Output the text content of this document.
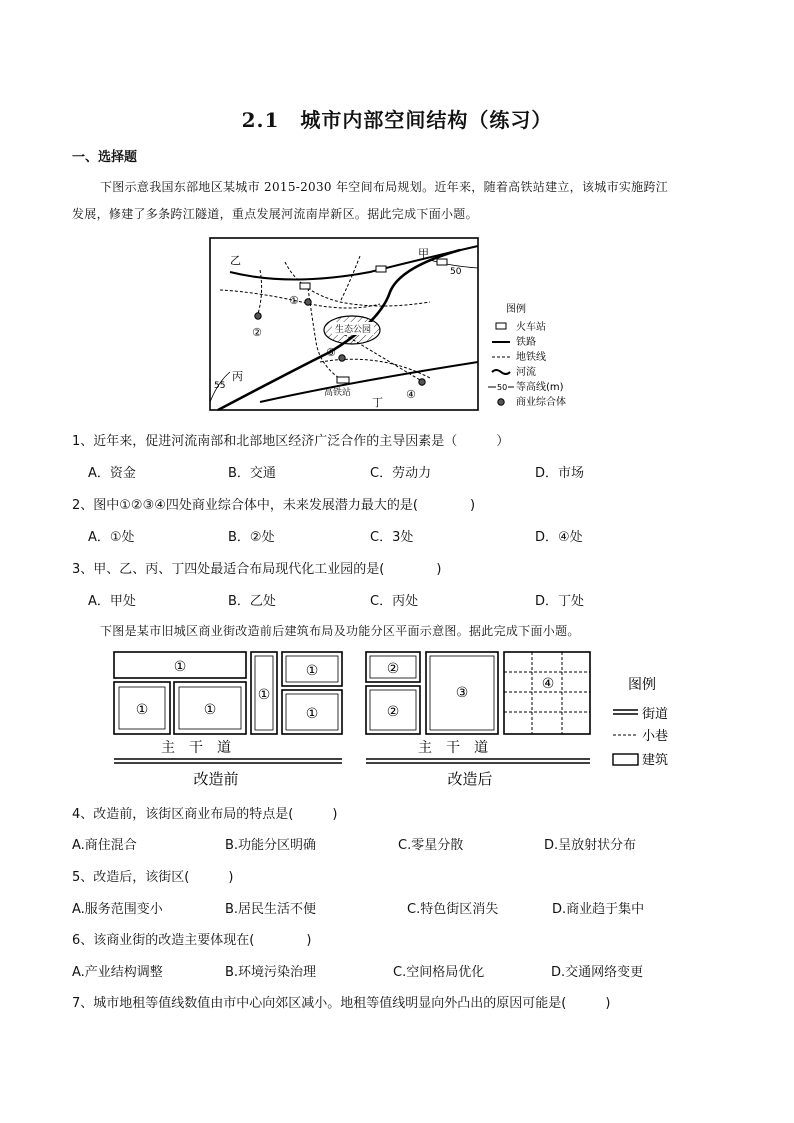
2.1　城市内部空间结构（练习）
一、选择题
下图示意我国东部地区某城市 2015-2030 年空间布局规划。近年来，随着高铁站建立，该城市实施跨江
发展，修建了多条跨江隧道，重点发展河流南岸新区。据此完成下面小题。
生态公园
乙
甲
丙
丁
高铁站
50
55
①
②
③
④
图例
火车站
铁路
地铁线
河流
50 等高线(m)
商业综合体
1、近年来，促进河流南部和北部地区经济广泛合作的主导因素是（　　　）
A．资金	B．交通	C．劳动力	D．市场
2、图中①②③④四处商业综合体中，未来发展潜力最大的是(　　　　)
A．①处	B．②处	C．3处	D．④处
3、甲、乙、丙、丁四处最适合布局现代化工业园的是(　　　　)
A．甲处	B．乙处	C．丙处	D．丁处
下图是某市旧城区商业街改造前后建筑布局及功能分区平面示意图。据此完成下面小题。
①
①	①
①
①
①
②
②
③
④
主　干　道	主　干　道
改造前	改造后
图例
街道
小巷
建筑
4、改造前，该街区商业布局的特点是(　　　)
A.商住混合	B.功能分区明确	C.零星分散	D.呈放射状分布
5、改造后，该街区(　　　)
A.服务范围变小	B.居民生活不便	C.特色街区消失	D.商业趋于集中
6、该商业街的改造主要体现在(　　　　)
A.产业结构调整	B.环境污染治理	C.空间格局优化	D.交通网络变更
7、城市地租等值线数值由市中心向郊区减小。地租等值线明显向外凸出的原因可能是(　　　)
